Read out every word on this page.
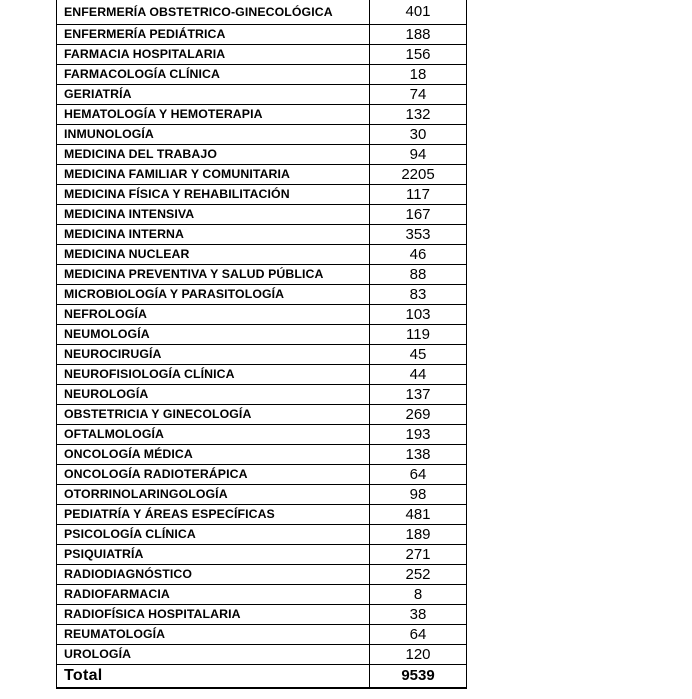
ENFERMERÍA OBSTETRICO-GINECOLÓGICA	401
ENFERMERÍA PEDIÁTRICA	188
FARMACIA HOSPITALARIA	156
FARMACOLOGÍA CLÍNICA	18
GERIATRÍA	74
HEMATOLOGÍA Y HEMOTERAPIA	132
INMUNOLOGÍA	30
MEDICINA DEL TRABAJO	94
MEDICINA FAMILIAR Y COMUNITARIA	2205
MEDICINA FÍSICA Y REHABILITACIÓN	117
MEDICINA INTENSIVA	167
MEDICINA INTERNA	353
MEDICINA NUCLEAR	46
MEDICINA PREVENTIVA Y SALUD PÚBLICA	88
MICROBIOLOGÍA Y PARASITOLOGÍA	83
NEFROLOGÍA	103
NEUMOLOGÍA	119
NEUROCIRUGÍA	45
NEUROFISIOLOGÍA CLÍNICA	44
NEUROLOGÍA	137
OBSTETRICIA Y GINECOLOGÍA	269
OFTALMOLOGÍA	193
ONCOLOGÍA MÉDICA	138
ONCOLOGÍA RADIOTERÁPICA	64
OTORRINOLARINGOLOGÍA	98
PEDIATRÍA Y ÁREAS ESPECÍFICAS	481
PSICOLOGÍA CLÍNICA	189
PSIQUIATRÍA	271
RADIODIAGNÓSTICO	252
RADIOFARMACIA	8
RADIOFÍSICA HOSPITALARIA	38
REUMATOLOGÍA	64
UROLOGÍA	120
Total	9539
